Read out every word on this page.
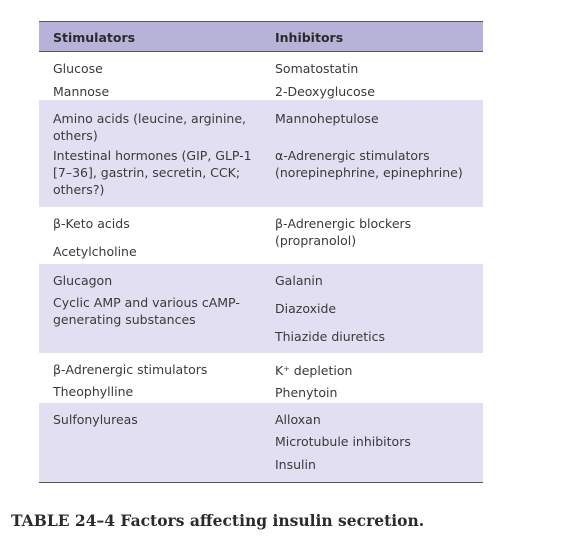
Stimulators	Inhibitors
Glucose
Mannose
Somatostatin
2-Deoxyglucose
Amino acids (leucine, arginine,
others)
Intestinal hormones (GIP, GLP-1
[7–36], gastrin, secretin, CCK;
others?)
Mannoheptulose
α-Adrenergic stimulators
(norepinephrine, epinephrine)
β-Keto acids
Acetylcholine
β-Adrenergic blockers
(propranolol)
Glucagon
Cyclic AMP and various cAMP-
generating substances
Galanin
Diazoxide
Thiazide diuretics
β-Adrenergic stimulators
Theophylline
K⁺ depletion
Phenytoin
Sulfonylureas	Alloxan
Microtubule inhibitors
Insulin
TABLE 24–4 Factors affecting insulin secretion.
